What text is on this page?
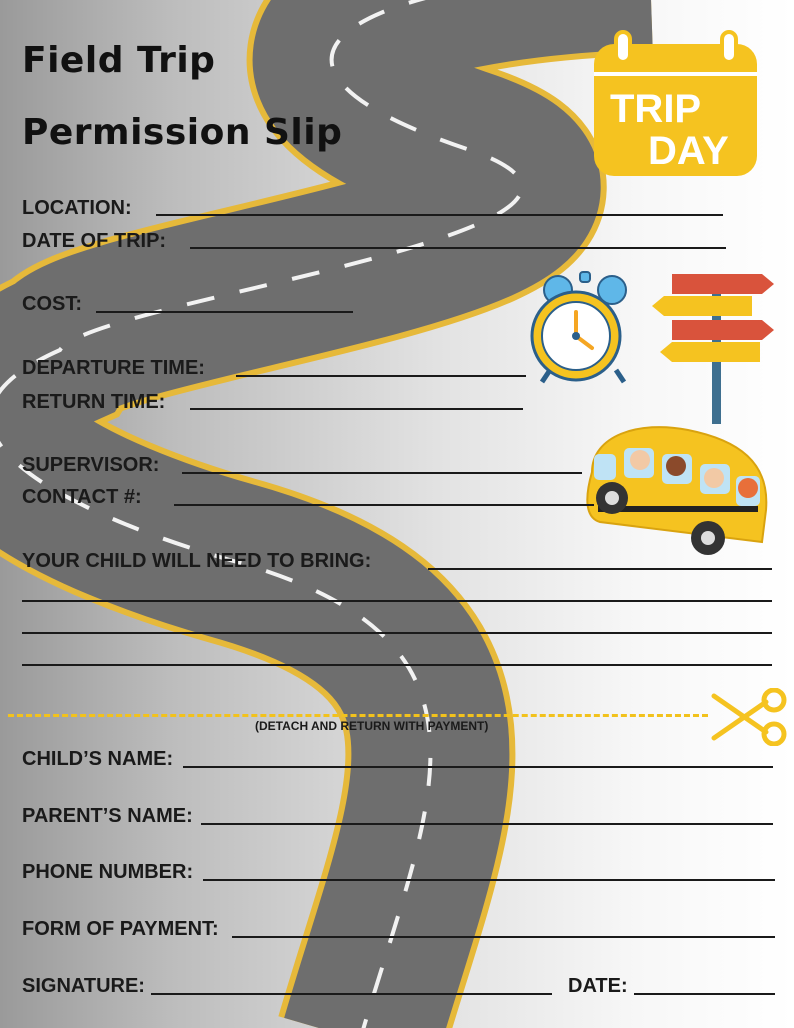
Field Trip
Permission Slip
TRIP
DAY
LOCATION:
DATE OF TRIP:
COST:
DEPARTURE TIME:
RETURN TIME:
SUPERVISOR:
CONTACT #:
YOUR CHILD WILL NEED TO BRING:
(DETACH AND RETURN WITH PAYMENT)
CHILD’S NAME:
PARENT’S NAME:
PHONE NUMBER:
FORM OF PAYMENT:
SIGNATURE:	DATE:
